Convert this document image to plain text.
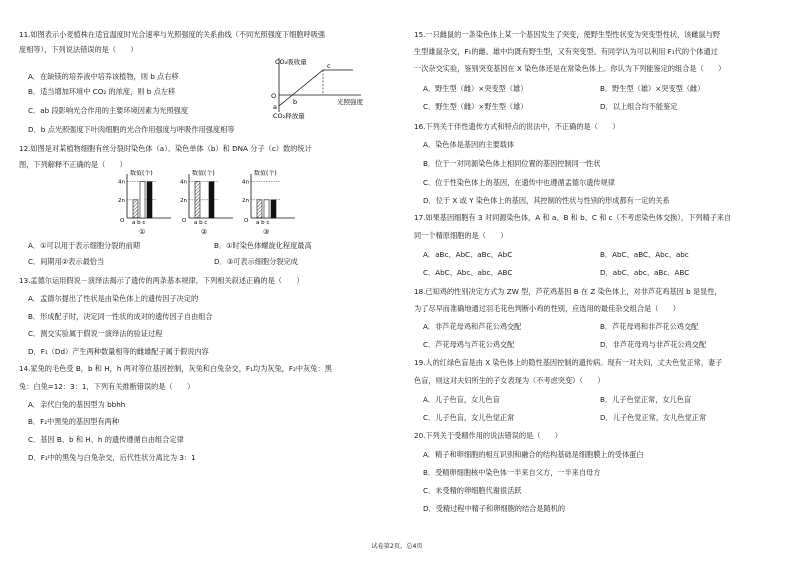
11.如图表示小麦植株在适宜温度时光合速率与光照强度的关系曲线（不同光照强度下细胞呼吸强
度相等），下列说法错误的是（　　）
A．在缺镁的培养液中培养该植物，则 b 点右移
B．适当增加环境中 CO₂ 的浓度，则 b 点左移
C．ab 段影响光合作用的主要环境因素为光照强度
D．b 点光照强度下叶肉细胞的光合作用强度与呼吸作用强度相等
CO₂吸收量
CO₂释放量
O
a
b
c
光照强度
12.如图是对某植物细胞有丝分裂时染色体（a）、染色单体（b）和 DNA 分子（c）数的统计
图，下列解释不正确的是（　　）
数值(个)
4n
2n
O a b c
①
数值(个)
4n
2n
O a b c
②
数值(个)
4n
2n
O a b c
③
A．①可以用于表示细胞分裂的前期	B．①时染色体螺旋化程度最高
C．间期用②表示最恰当	D．③可表示细胞分裂完成
13.孟德尔运用假说－演绎法揭示了遗传的两条基本规律，下列相关叙述正确的是（　　）
A．孟德尔提出了性状是由染色体上的遗传因子决定的
B．形成配子时，决定同一性状的成对的遗传因子自由组合
C．测交实验属于假说一演绎法的验证过程
D．F₁（Dd）产生两种数量相等的雌雄配子属于假说内容
14.家兔的毛色受 B，b 和 H，h 两对等位基因控制，灰兔和白兔杂交，F₁均为灰兔，F₂中灰兔：黑
兔：白兔=12：3：1，下列有关推断错误的是（　　）
A．亲代白兔的基因型为 bbhh
B．F₂中黑兔的基因型有两种
C．基因 B、b 和 H、h 的遗传遵循自由组合定律
D．F₂中的黑兔与白兔杂交，后代性状分离比为 3：1
15.一只雌鼠的一条染色体上某一个基因发生了突变，使野生型性状变为突变型性状，该雌鼠与野
生型雄鼠杂交，F₁的雌、雄中均既有野生型，又有突变型。有同学认为可以利用 F₁代的个体通过
一次杂交实验，鉴别突变基因在 X 染色体还是在常染色体上。你认为下列能鉴定的组合是（　　）
A．野生型（雌）×突变型（雄）	B．野生型（雄）×突变型（雌）
C．野生型（雌）×野生型（雄）	D．以上组合均不能鉴定
16.下列关于伴性遗传方式和特点的说法中，不正确的是（　　）
A．染色体是基因的主要载体
B．位于一对同源染色体上相同位置的基因控制同一性状
C．位于性染色体上的基因，在遗传中也遵循孟德尔遗传规律
D．位于 X 或 Y 染色体上的基因，其控制的性状与性别的形成都有一定的关系
17.如果基因细胞有 3 对同源染色体，A 和 a、B 和 b、C 和 c（不考虑染色体交换），下列精子来自
同一个精原细胞的是（　　）
A．aBc、AbC、aBc、AbC	B．AbC、aBC、Abc、abc
C．AbC、Abc、abc、ABC	D．abC、abc、aBc、ABC
18.已知鸡的性别决定方式为 ZW 型，芦花鸡基因 B 在 Z 染色体上，对非芦花鸡基因 b 是显性，
为了尽早而准确地通过羽毛花色判断小鸡的性别，应选用的最佳杂交组合是（　　）
A．非芦花母鸡和芦花公鸡交配	B．芦花母鸡和非芦花公鸡交配
C．芦花母鸡与芦花公鸡交配	D．非芦花母鸡与非芦花公鸡交配
19.人的红绿色盲是由 X 染色体上的隐性基因控制的遗传病。现有一对夫妇，丈夫色觉正常，妻子
色盲，则这对夫妇所生的子女表现为（不考虑突变）（　　）
A．儿子色盲，女儿色盲	B．儿子色觉正常，女儿色盲
C．儿子色盲，女儿色觉正常	D．儿子色觉正常，女儿色觉正常
20.下列关于受精作用的说法错误的是（　　）
A．精子和卵细胞的相互识别和融合的结构基础是细胞膜上的受体蛋白
B．受精卵细胞核中染色体一半来自父方，一半来自母方
C．未受精的卵细胞代谢很活跃
D．受精过程中精子和卵细胞的结合是随机的
试卷第2页，总4页
